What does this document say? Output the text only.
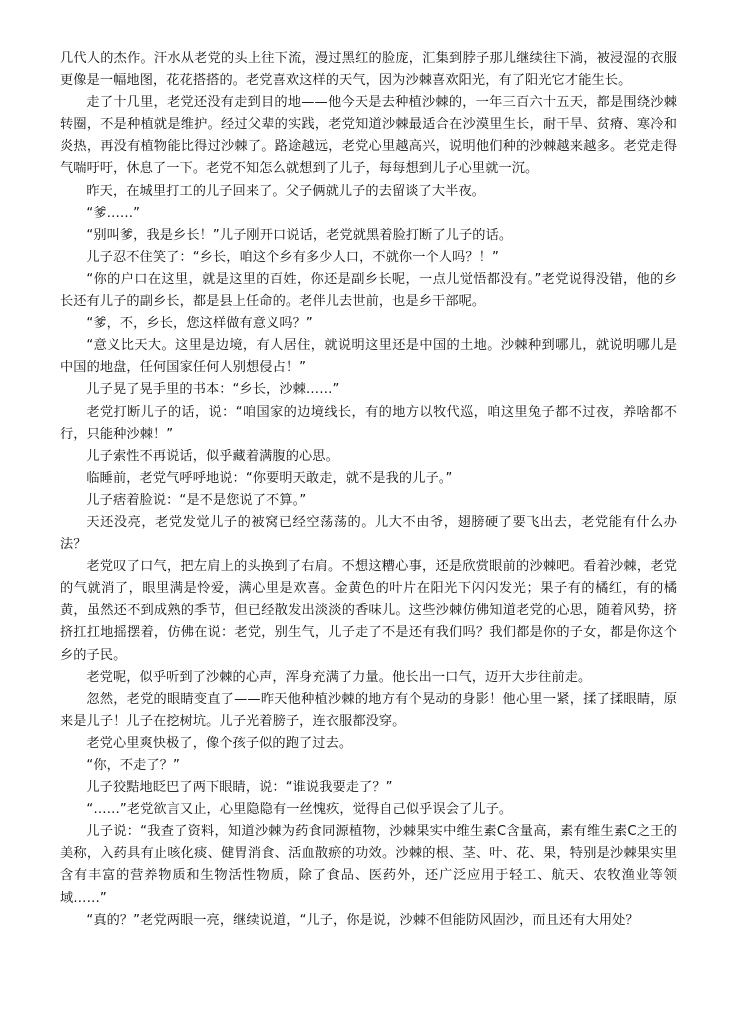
几代人的杰作。汗水从老党的头上往下流，漫过黑红的脸庞，汇集到脖子那儿继续往下淌，被浸湿的衣服更像是一幅地图，花花搭搭的。老党喜欢这样的天气，因为沙棘喜欢阳光，有了阳光它才能生长。

走了十几里，老党还没有走到目的地——他今天是去种植沙棘的，一年三百六十五天，都是围绕沙棘转圈，不是种植就是维护。经过父辈的实践，老党知道沙棘最适合在沙漠里生长，耐干旱、贫瘠、寒冷和炎热，再没有植物能比得过沙棘了。路途越远，老党心里越高兴，说明他们种的沙棘越来越多。老党走得气喘吁吁，休息了一下。老党不知怎么就想到了儿子，每每想到儿子心里就一沉。

昨天，在城里打工的儿子回来了。父子俩就儿子的去留谈了大半夜。

“爹……”

“别叫爹，我是乡长！”儿子刚开口说话，老党就黑着脸打断了儿子的话。

儿子忍不住笑了：“乡长，咱这个乡有多少人口，不就你一个人吗？！”

“你的户口在这里，就是这里的百姓，你还是副乡长呢，一点儿觉悟都没有。”老党说得没错，他的乡长还有儿子的副乡长，都是县上任命的。老伴儿去世前，也是乡干部呢。

“爹，不，乡长，您这样做有意义吗？”

“意义比天大。这里是边境，有人居住，就说明这里还是中国的土地。沙棘种到哪儿，就说明哪儿是中国的地盘，任何国家任何人别想侵占！”

儿子晃了晃手里的书本：“乡长，沙棘……”

老党打断儿子的话，说：“咱国家的边境线长，有的地方以牧代巡，咱这里兔子都不过夜，养啥都不行，只能种沙棘！”

儿子索性不再说话，似乎藏着满腹的心思。

临睡前，老党气呼呼地说：“你要明天敢走，就不是我的儿子。”

儿子痞着脸说：“是不是您说了不算。”

天还没亮，老党发觉儿子的被窝已经空荡荡的。儿大不由爷，翅膀硬了要飞出去，老党能有什么办法？

老党叹了口气，把左肩上的头换到了右肩。不想这糟心事，还是欣赏眼前的沙棘吧。看着沙棘，老党的气就消了，眼里满是怜爱，满心里是欢喜。金黄色的叶片在阳光下闪闪发光；果子有的橘红，有的橘黄，虽然还不到成熟的季节，但已经散发出淡淡的香味儿。这些沙棘仿佛知道老党的心思，随着风势，挤挤扛扛地摇摆着，仿佛在说：老党，别生气，儿子走了不是还有我们吗？我们都是你的子女，都是你这个乡的子民。

老党呢，似乎听到了沙棘的心声，浑身充满了力量。他长出一口气，迈开大步往前走。

忽然，老党的眼睛变直了——昨天他种植沙棘的地方有个晃动的身影！他心里一紧，揉了揉眼睛，原来是儿子！儿子在挖树坑。儿子光着膀子，连衣服都没穿。

老党心里爽快极了，像个孩子似的跑了过去。

“你，不走了？”

儿子狡黠地眨巴了两下眼睛，说：“谁说我要走了？”

“……”老党欲言又止，心里隐隐有一丝愧疚，觉得自己似乎误会了儿子。

儿子说：“我查了资料，知道沙棘为药食同源植物，沙棘果实中维生素C含量高，素有维生素C之王的美称，入药具有止咳化痰、健胃消食、活血散瘀的功效。沙棘的根、茎、叶、花、果，特别是沙棘果实里含有丰富的营养物质和生物活性物质，除了食品、医药外，还广泛应用于轻工、航天、农牧渔业等领域……”

“真的？”老党两眼一亮，继续说道，“儿子，你是说，沙棘不但能防风固沙，而且还有大用处？
